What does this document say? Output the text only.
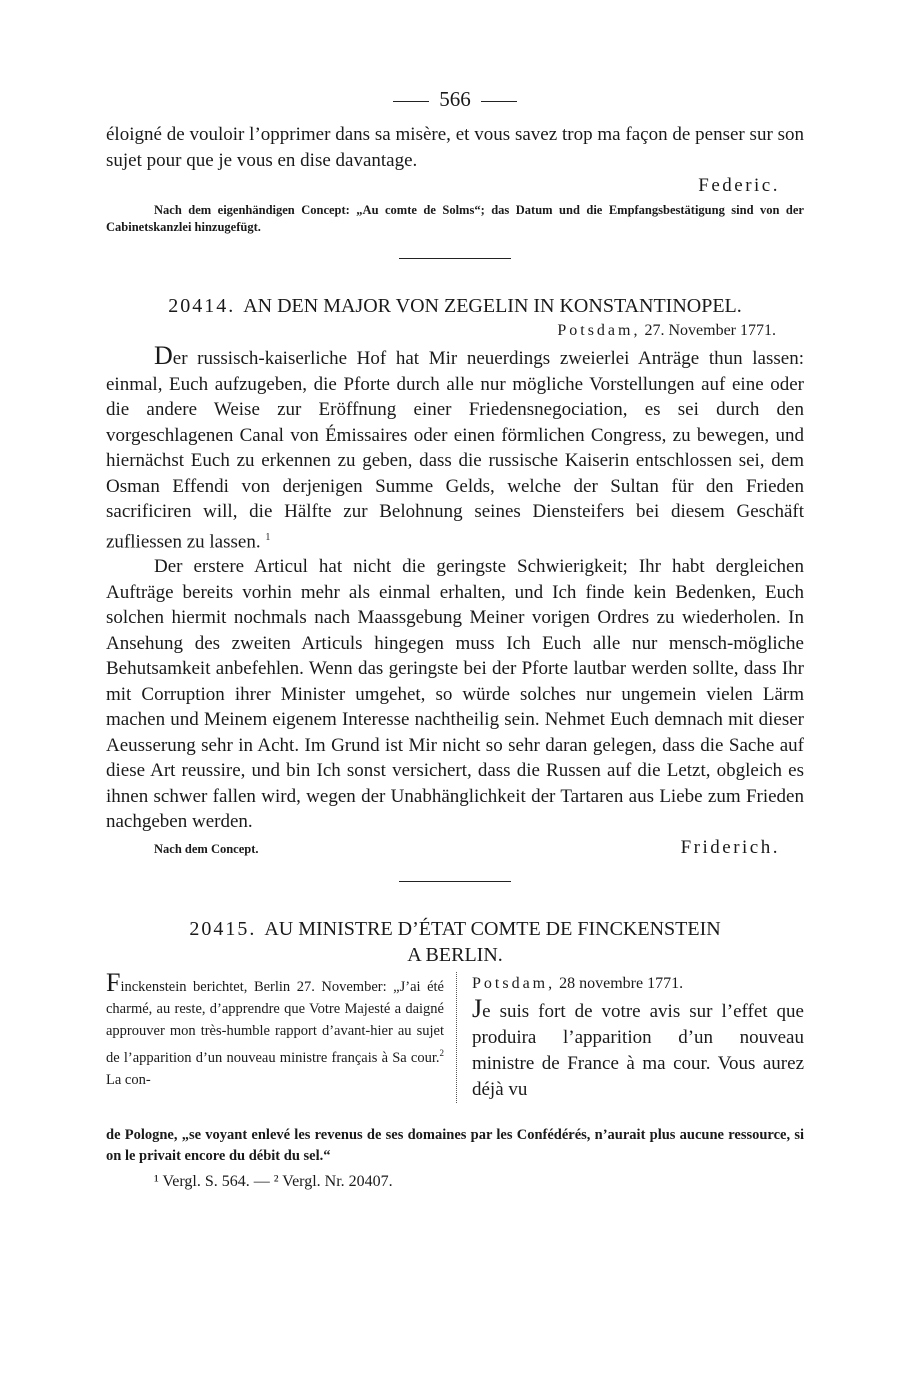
566

éloigné de vouloir l’opprimer dans sa misère, et vous savez trop ma façon de penser sur son sujet pour que je vous en dise davantage.

Federic.

Nach dem eigenhändigen Concept: „Au comte de Solms“; das Datum und die Empfangsbestätigung sind von der Cabinetskanzlei hinzugefügt.

20414. AN DEN MAJOR VON ZEGELIN IN KONSTANTINOPEL.

Potsdam, 27. November 1771.

Der russisch-kaiserliche Hof hat Mir neuerdings zweierlei Anträge thun lassen: einmal, Euch aufzugeben, die Pforte durch alle nur mögliche Vorstellungen auf eine oder die andere Weise zur Eröffnung einer Friedensnegociation, es sei durch den vorgeschlagenen Canal von Émissaires oder einen förmlichen Congress, zu bewegen, und hiernächst Euch zu erkennen zu geben, dass die russische Kaiserin entschlossen sei, dem Osman Effendi von derjenigen Summe Gelds, welche der Sultan für den Frieden sacrificiren will, die Hälfte zur Belohnung seines Diensteifers bei diesem Geschäft zufliessen zu lassen. $^1$

Der erstere Articul hat nicht die geringste Schwierigkeit; Ihr habt dergleichen Aufträge bereits vorhin mehr als einmal erhalten, und Ich finde kein Bedenken, Euch solchen hiermit nochmals nach Maassgebung Meiner vorigen Ordres zu wiederholen. In Ansehung des zweiten Articuls hingegen muss Ich Euch alle nur mensch-mögliche Behutsamkeit anbefehlen. Wenn das geringste bei der Pforte lautbar werden sollte, dass Ihr mit Corruption ihrer Minister umgehet, so würde solches nur ungemein vielen Lärm machen und Meinem eigenem Interesse nachtheilig sein. Nehmet Euch demnach mit dieser Aeusserung sehr in Acht. Im Grund ist Mir nicht so sehr daran gelegen, dass die Sache auf diese Art reussire, und bin Ich sonst versichert, dass die Russen auf die Letzt, obgleich es ihnen schwer fallen wird, wegen der Unabhänglichkeit der Tartaren aus Liebe zum Frieden nachgeben werden.

Nach dem Concept.	Friderich.

20415. AU MINISTRE D’ÉTAT COMTE DE FINCKENSTEIN

A BERLIN.

Finckenstein berichtet, Berlin 27. November: „J’ai été charmé, au reste, d’apprendre que Votre Majesté a daigné approuver mon très-humble rapport d’avant-hier au sujet de l’apparition d’un nouveau ministre français à Sa cour.$^2$ La con-
Potsdam, 28 novembre 1771.
Je suis fort de votre avis sur l’effet que produira l’apparition d’un nouveau ministre de France à ma cour. Vous aurez déjà vu

de Pologne, „se voyant enlevé les revenus de ses domaines par les Confédérés, n’aurait plus aucune ressource, si on le privait encore du débit du sel.“

¹ Vergl. S. 564. — ² Vergl. Nr. 20407.
